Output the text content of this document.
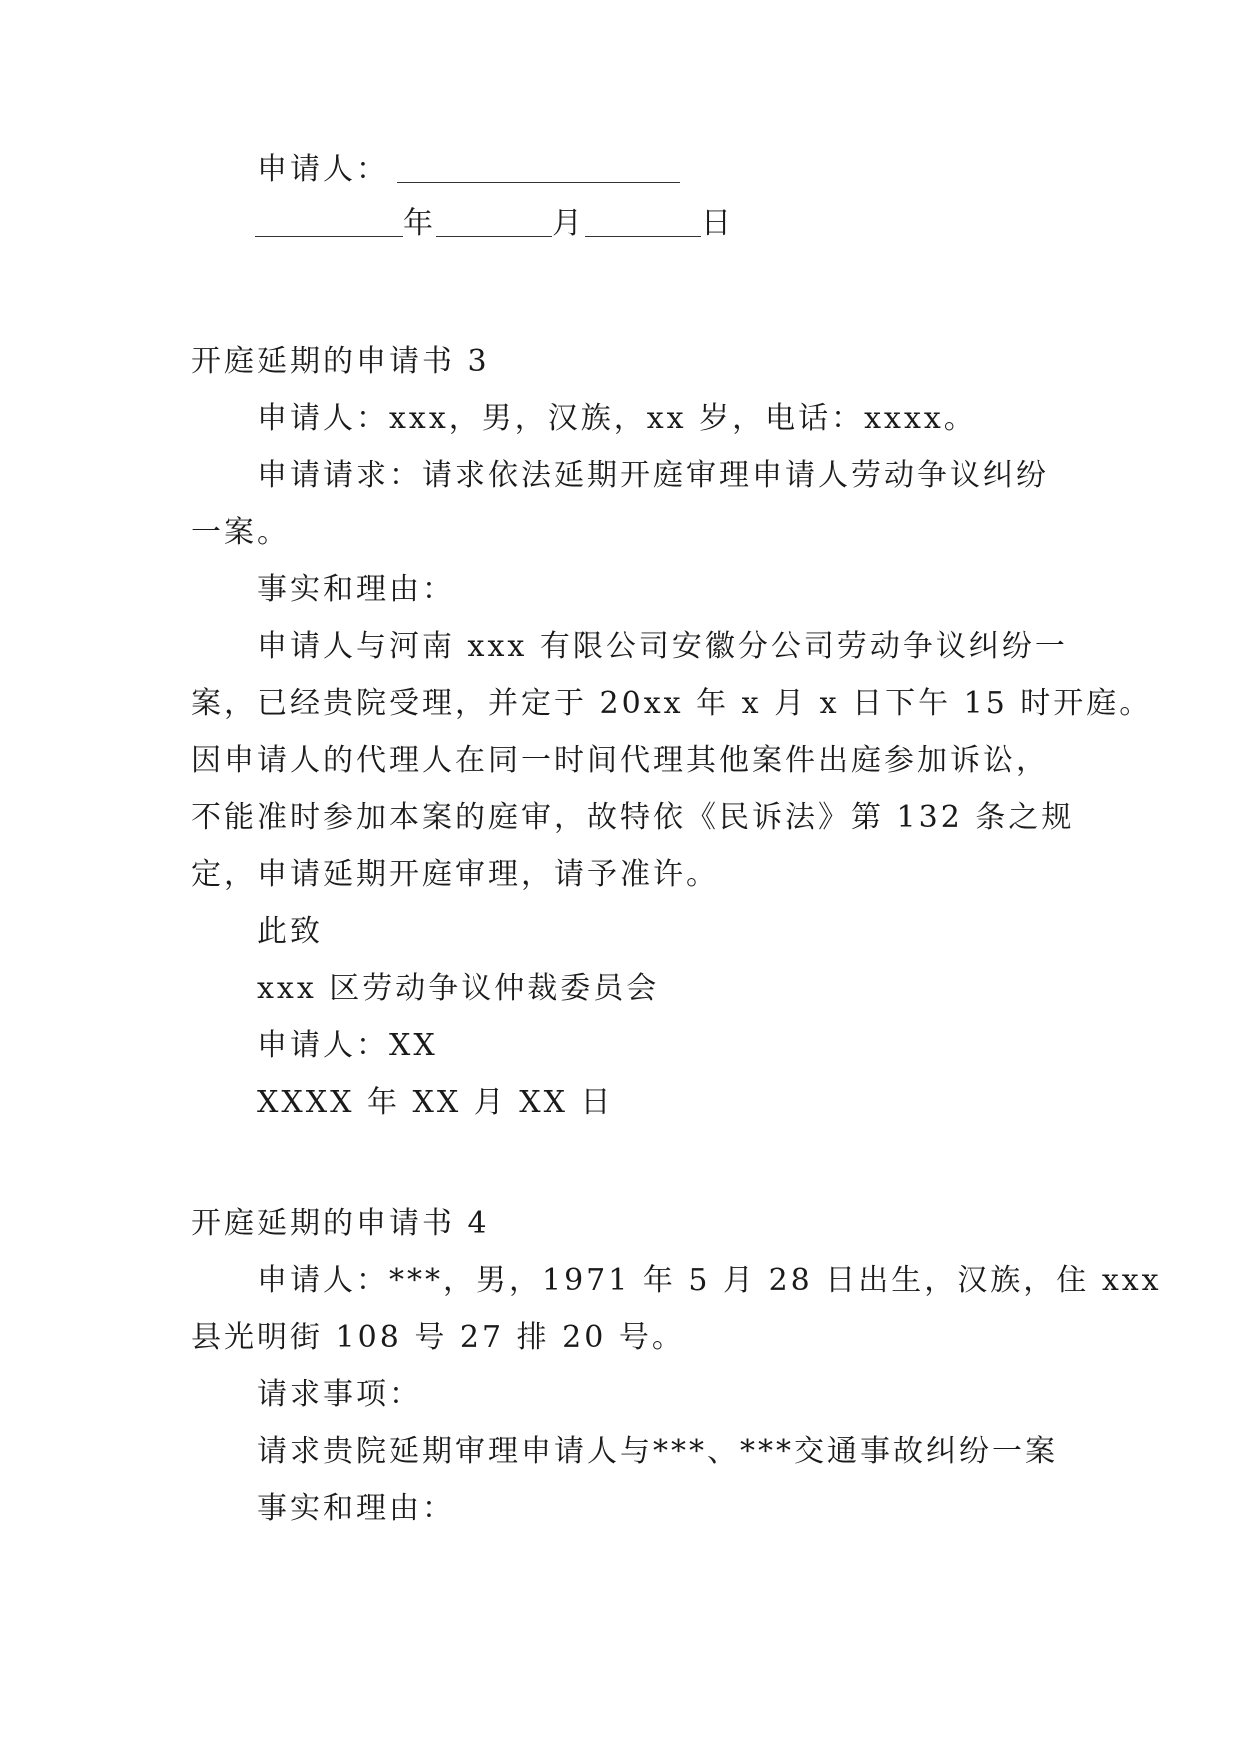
申请人：
年	月	日
开庭延期的申请书 3
申请人：xxx，男，汉族，xx 岁，电话：xxxx。
申请请求：请求依法延期开庭审理申请人劳动争议纠纷
一案。
事实和理由：
申请人与河南 xxx 有限公司安徽分公司劳动争议纠纷一
案，已经贵院受理，并定于 20xx 年 x 月 x 日下午 15 时开庭。
因申请人的代理人在同一时间代理其他案件出庭参加诉讼，
不能准时参加本案的庭审，故特依《民诉法》第 132 条之规
定，申请延期开庭审理，请予准许。
此致
xxx 区劳动争议仲裁委员会
申请人：XX
XXXX 年 XX 月 XX 日
开庭延期的申请书 4
申请人：***，男，1971 年 5 月 28 日出生，汉族，住 xxx
县光明街 108 号 27 排 20 号。
请求事项：
请求贵院延期审理申请人与***、***交通事故纠纷一案
事实和理由：
